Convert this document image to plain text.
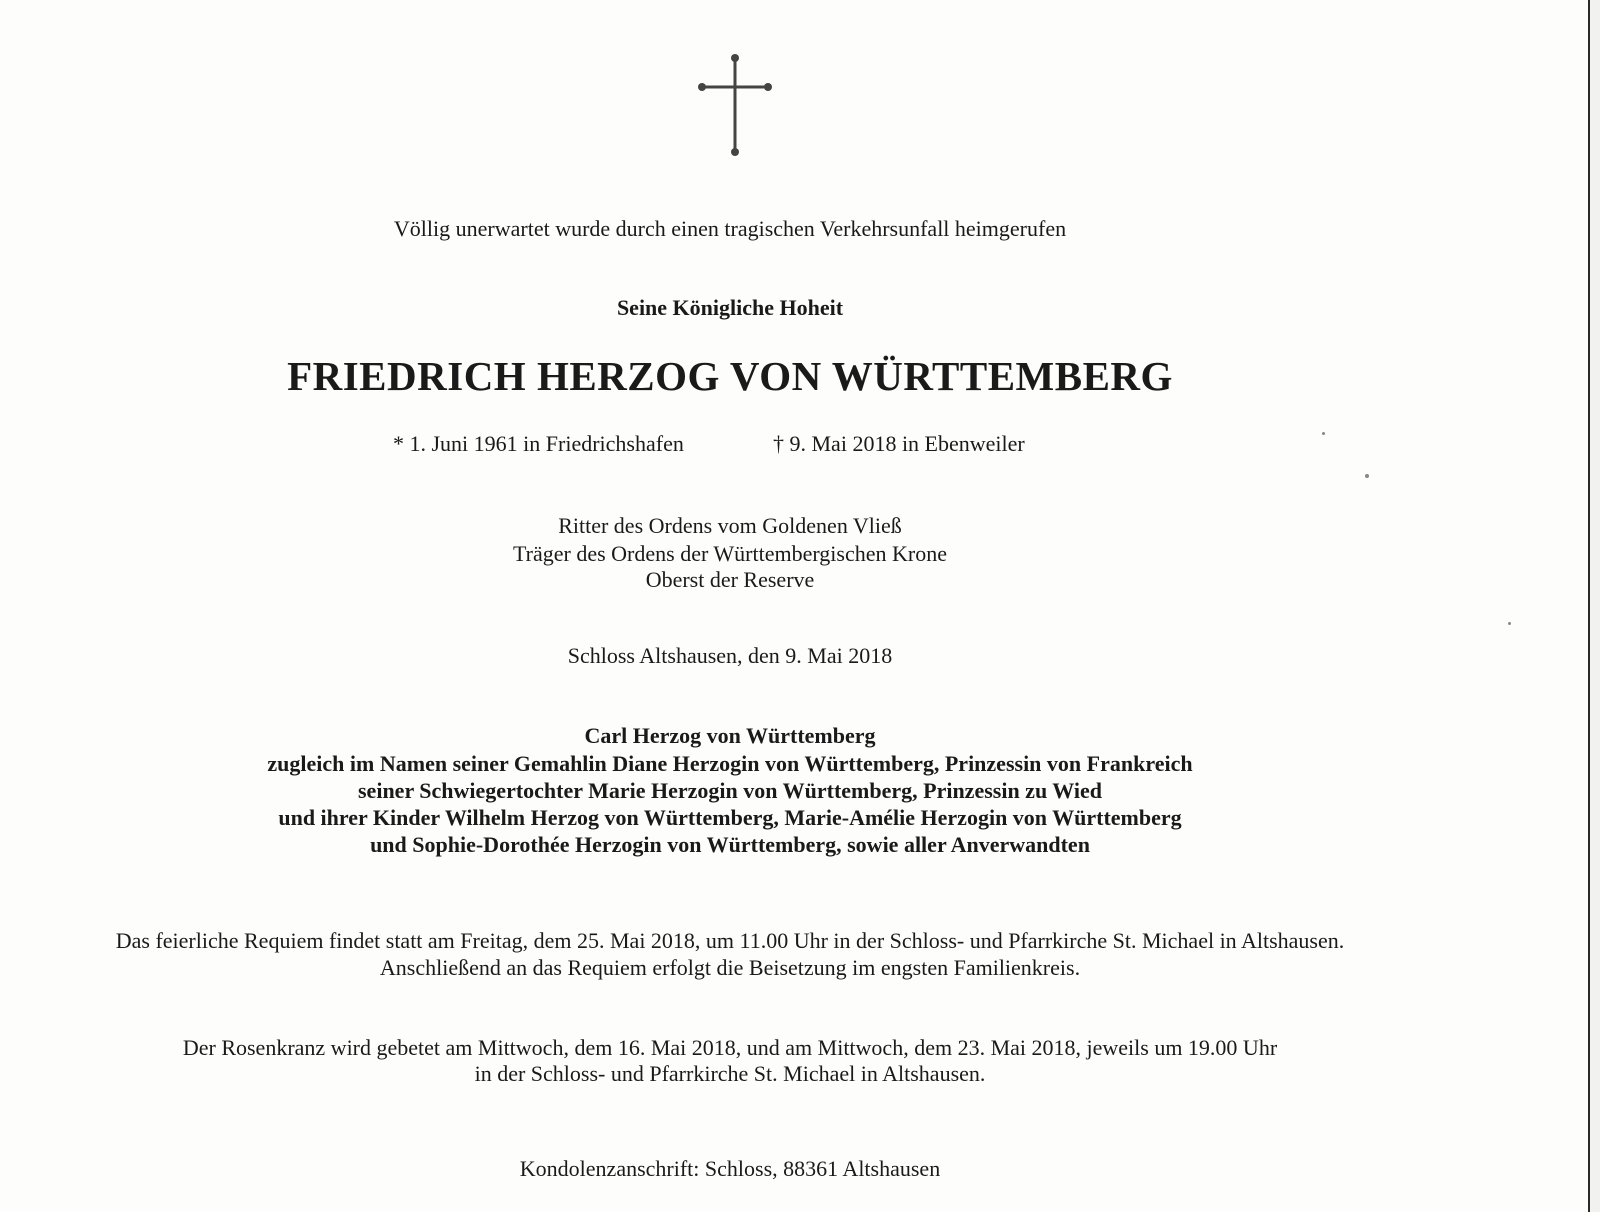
Völlig unerwartet wurde durch einen tragischen Verkehrsunfall heimgerufen
Seine Königliche Hoheit
FRIEDRICH HERZOG VON WÜRTTEMBERG
* 1. Juni 1961 in Friedrichshafen	† 9. Mai 2018 in Ebenweiler
Ritter des Ordens vom Goldenen Vließ
Träger des Ordens der Württembergischen Krone
Oberst der Reserve
Schloss Altshausen, den 9. Mai 2018
Carl Herzog von Württemberg
zugleich im Namen seiner Gemahlin Diane Herzogin von Württemberg, Prinzessin von Frankreich
seiner Schwiegertochter Marie Herzogin von Württemberg, Prinzessin zu Wied
und ihrer Kinder Wilhelm Herzog von Württemberg, Marie-Amélie Herzogin von Württemberg
und Sophie-Dorothée Herzogin von Württemberg, sowie aller Anverwandten
Das feierliche Requiem findet statt am Freitag, dem 25. Mai 2018, um 11.00 Uhr in der Schloss- und Pfarrkirche St. Michael in Altshausen.
Anschließend an das Requiem erfolgt die Beisetzung im engsten Familienkreis.
Der Rosenkranz wird gebetet am Mittwoch, dem 16. Mai 2018, und am Mittwoch, dem 23. Mai 2018, jeweils um 19.00 Uhr
in der Schloss- und Pfarrkirche St. Michael in Altshausen.
Kondolenzanschrift: Schloss, 88361 Altshausen
